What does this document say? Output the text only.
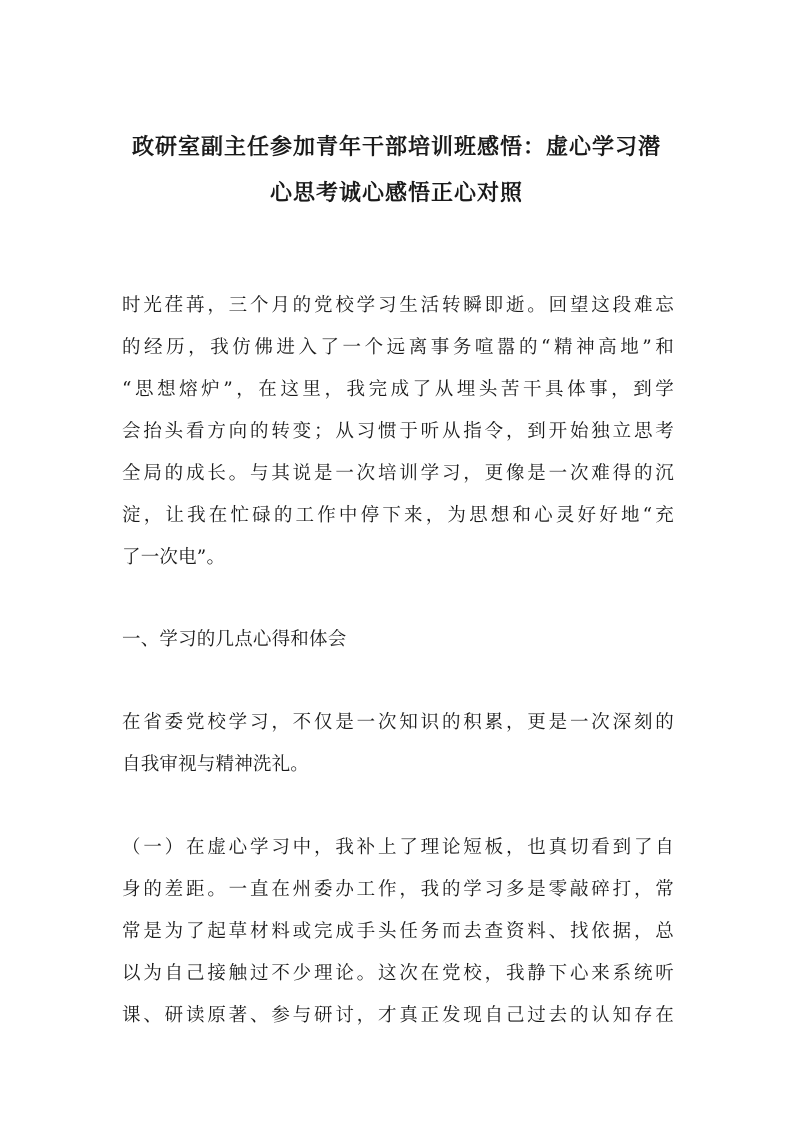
政研室副主任参加青年干部培训班感悟：虚心学习潜
心思考诚心感悟正心对照
时光荏苒，三个月的党校学习生活转瞬即逝。回望这段难忘
的经历，我仿佛进入了一个远离事务喧嚣的“精神高地”和
“思想熔炉”，在这里，我完成了从埋头苦干具体事，到学
会抬头看方向的转变；从习惯于听从指令，到开始独立思考
全局的成长。与其说是一次培训学习，更像是一次难得的沉
淀，让我在忙碌的工作中停下来，为思想和心灵好好地“充
了一次电”。
一、学习的几点心得和体会
在省委党校学习，不仅是一次知识的积累，更是一次深刻的
自我审视与精神洗礼。
（一）在虚心学习中，我补上了理论短板，也真切看到了自
身的差距。一直在州委办工作，我的学习多是零敲碎打，常
常是为了起草材料或完成手头任务而去查资料、找依据，总
以为自己接触过不少理论。这次在党校，我静下心来系统听
课、研读原著、参与研讨，才真正发现自己过去的认知存在
